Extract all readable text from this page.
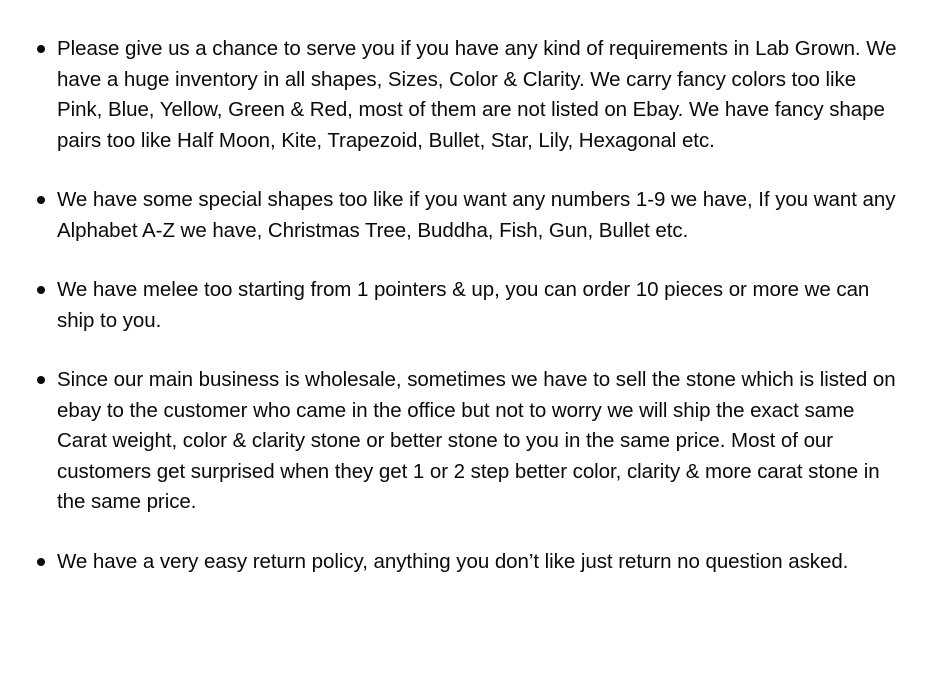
Please give us a chance to serve you if you have any kind of requirements in Lab Grown. We have a huge inventory in all shapes, Sizes, Color & Clarity. We carry fancy colors too like Pink, Blue, Yellow, Green & Red, most of them are not listed on Ebay. We have fancy shape pairs too like Half Moon, Kite, Trapezoid, Bullet, Star, Lily, Hexagonal etc.
We have some special shapes too like if you want any numbers 1-9 we have, If you want any Alphabet A-Z we have, Christmas Tree, Buddha, Fish, Gun, Bullet etc.
We have melee too starting from 1 pointers & up, you can order 10 pieces or more we can ship to you.
Since our main business is wholesale, sometimes we have to sell the stone which is listed on ebay to the customer who came in the office but not to worry we will ship the exact same Carat weight, color & clarity stone or better stone to you in the same price. Most of our customers get surprised when they get 1 or 2 step better color, clarity & more carat stone in the same price.
We have a very easy return policy, anything you don’t like just return no question asked.
